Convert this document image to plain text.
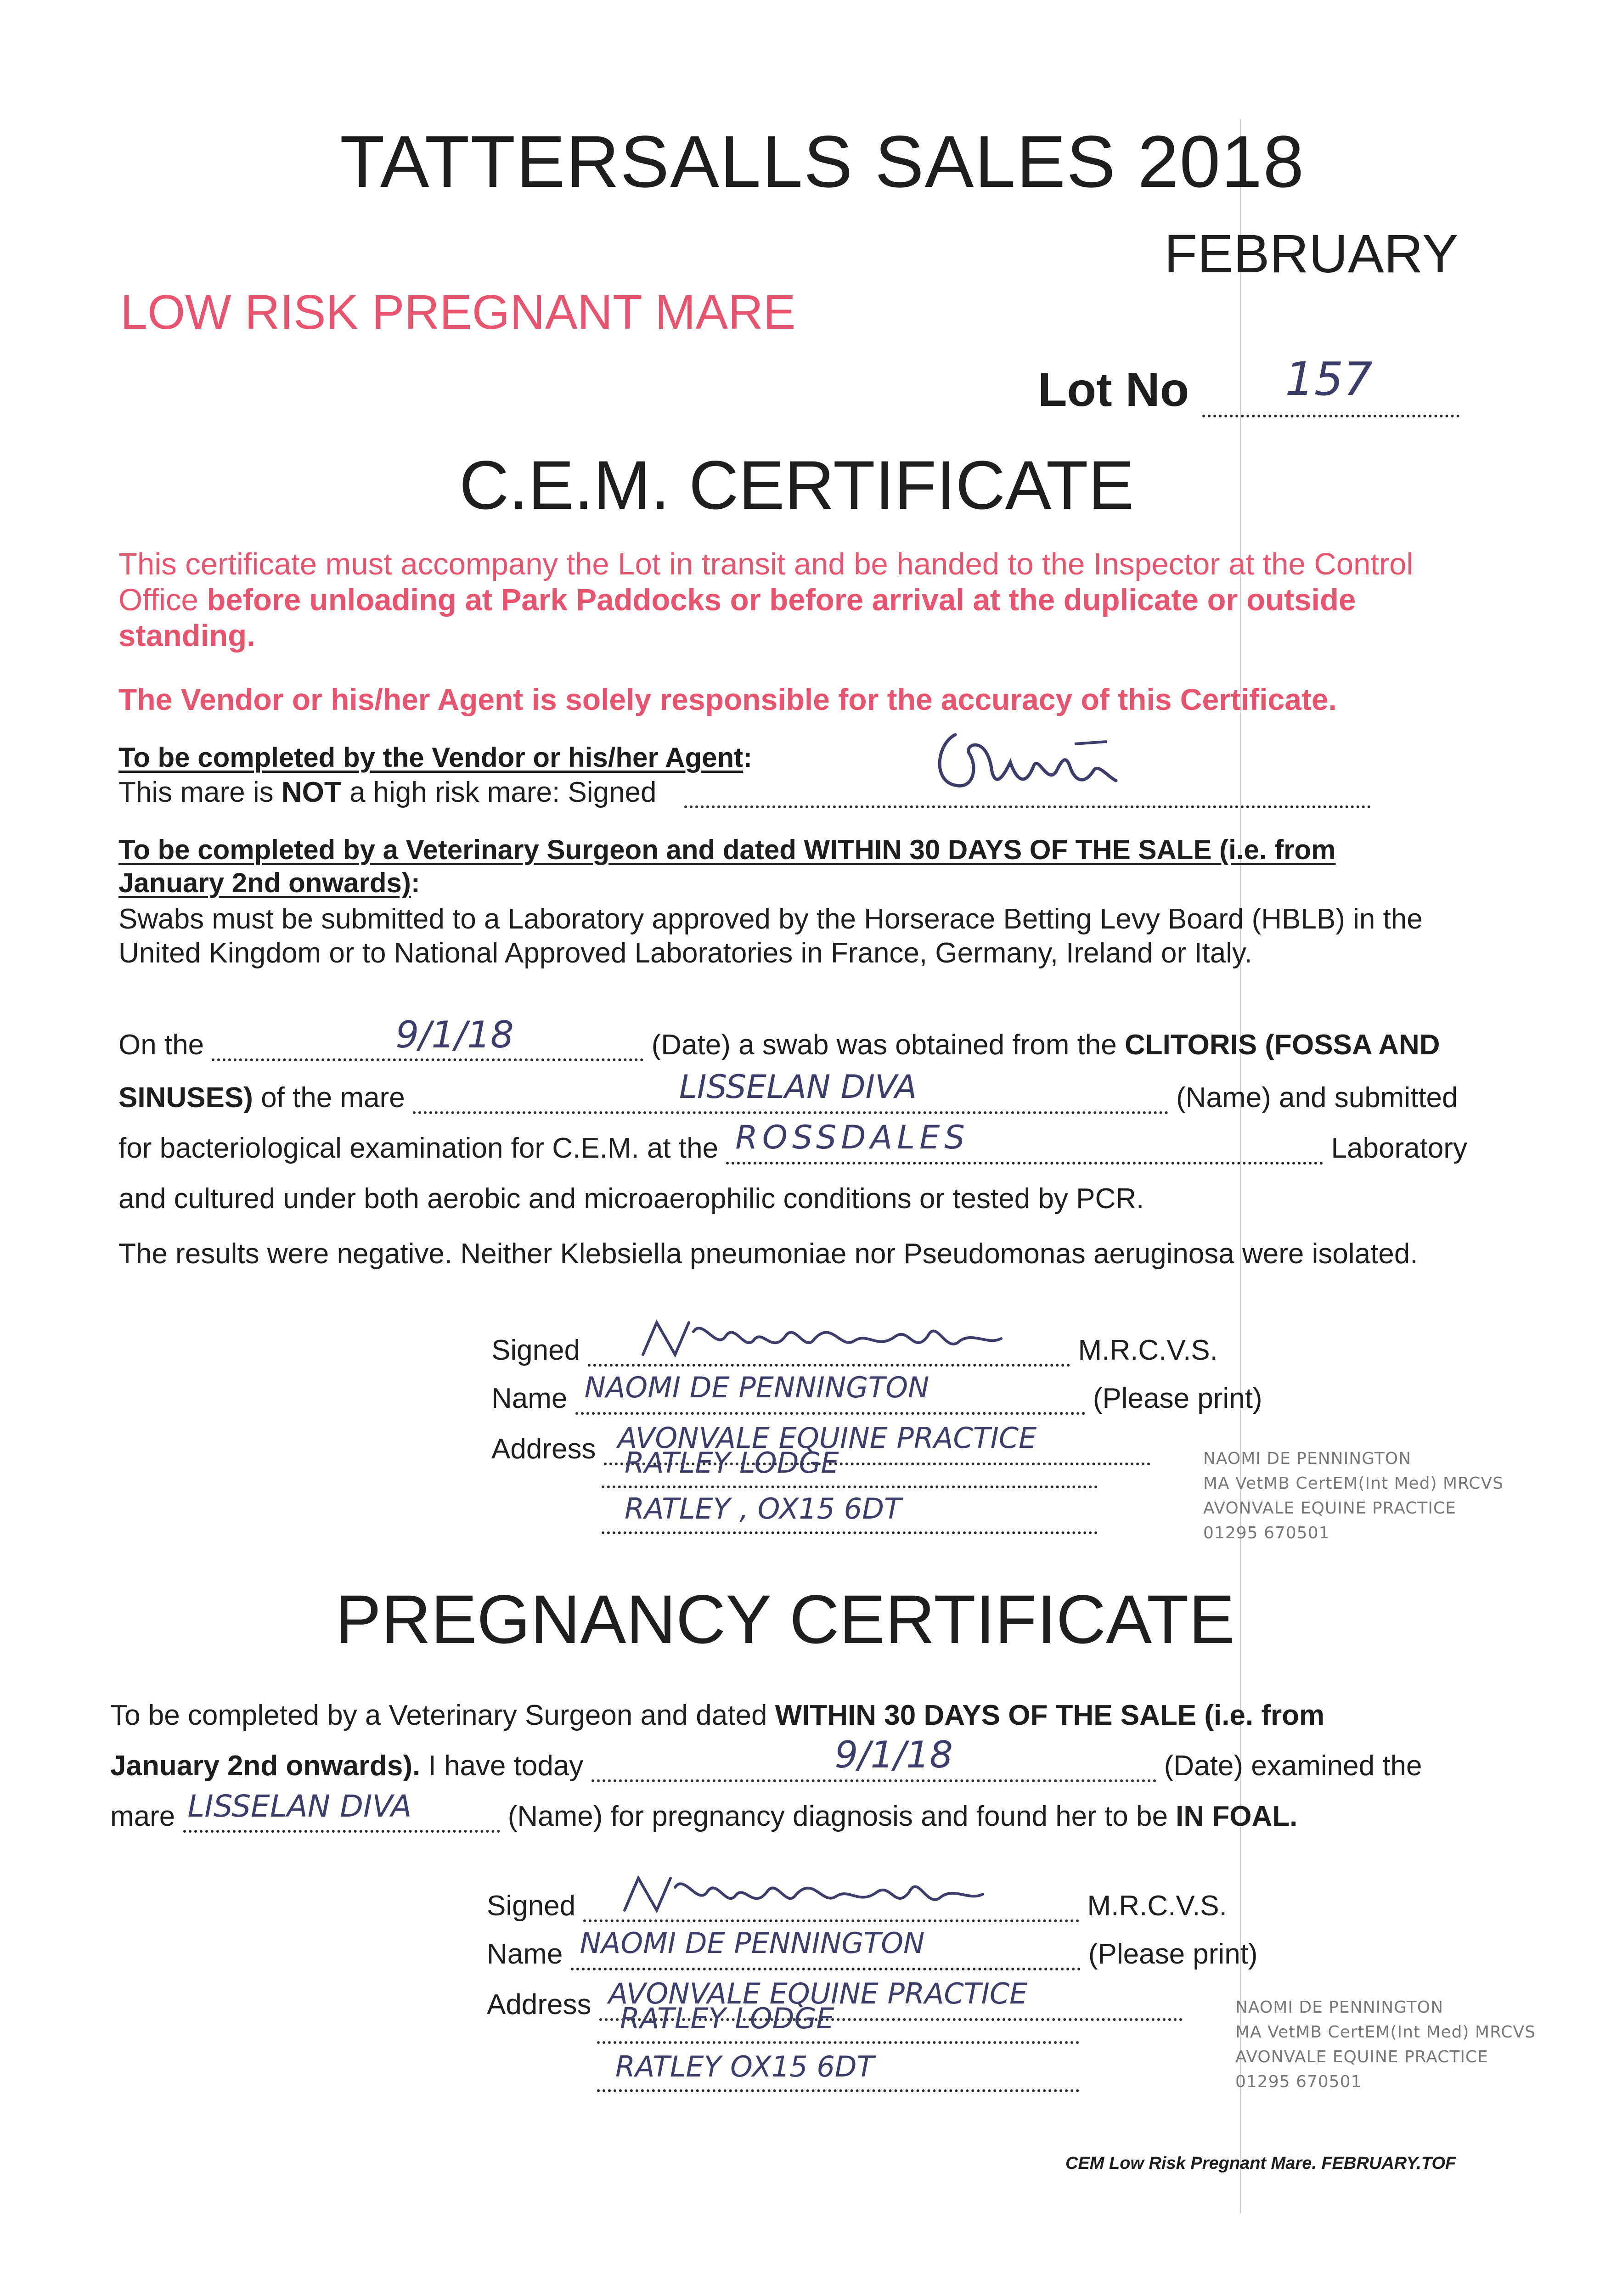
TATTERSALLS SALES 2018
FEBRUARY
LOW RISK PREGNANT MARE
Lot No 157
C.E.M. CERTIFICATE
This certificate must accompany the Lot in transit and be handed to the Inspector at the Control
Office before unloading at Park Paddocks or before arrival at the duplicate or outside
standing.
The Vendor or his/her Agent is solely responsible for the accuracy of this Certificate.
To be completed by the Vendor or his/her Agent:
This mare is NOT a high risk mare: Signed
To be completed by a Veterinary Surgeon and dated WITHIN 30 DAYS OF THE SALE (i.e. from
January 2nd onwards):
Swabs must be submitted to a Laboratory approved by the Horserace Betting Levy Board (HBLB) in the
United Kingdom or to National Approved Laboratories in France, Germany, Ireland or Italy.
On the	9/1/18	(Date) a swab was obtained from the CLITORIS (FOSSA AND
SINUSES) of the mare	LISSELAN DIVA	(Name) and submitted
for bacteriological examination for C.E.M. at the ROSSDALES	Laboratory
and cultured under both aerobic and microaerophilic conditions or tested by PCR.
The results were negative. Neither Klebsiella pneumoniae nor Pseudomonas aeruginosa were isolated.
Signed	M.R.C.V.S.
Name NAOMI DE PENNINGTON	(Please print)
Address AVONVALE EQUINE PRACTICE
RATLEY LODGE
RATLEY , OX15 6DT
NAOMI DE PENNINGTON
MA VetMB CertEM(Int Med) MRCVS
AVONVALE EQUINE PRACTICE
01295 670501
PREGNANCY CERTIFICATE
To be completed by a Veterinary Surgeon and dated WITHIN 30 DAYS OF THE SALE (i.e. from
January 2nd onwards). I have today	9/1/18	(Date) examined the
mare LISSELAN DIVA	(Name) for pregnancy diagnosis and found her to be IN FOAL.
Signed	M.R.C.V.S.
Name NAOMI DE PENNINGTON	(Please print)
Address AVONVALE EQUINE PRACTICE
RATLEY LODGE
RATLEY OX15 6DT
NAOMI DE PENNINGTON
MA VetMB CertEM(Int Med) MRCVS
AVONVALE EQUINE PRACTICE
01295 670501
CEM Low Risk Pregnant Mare. FEBRUARY.TOF
